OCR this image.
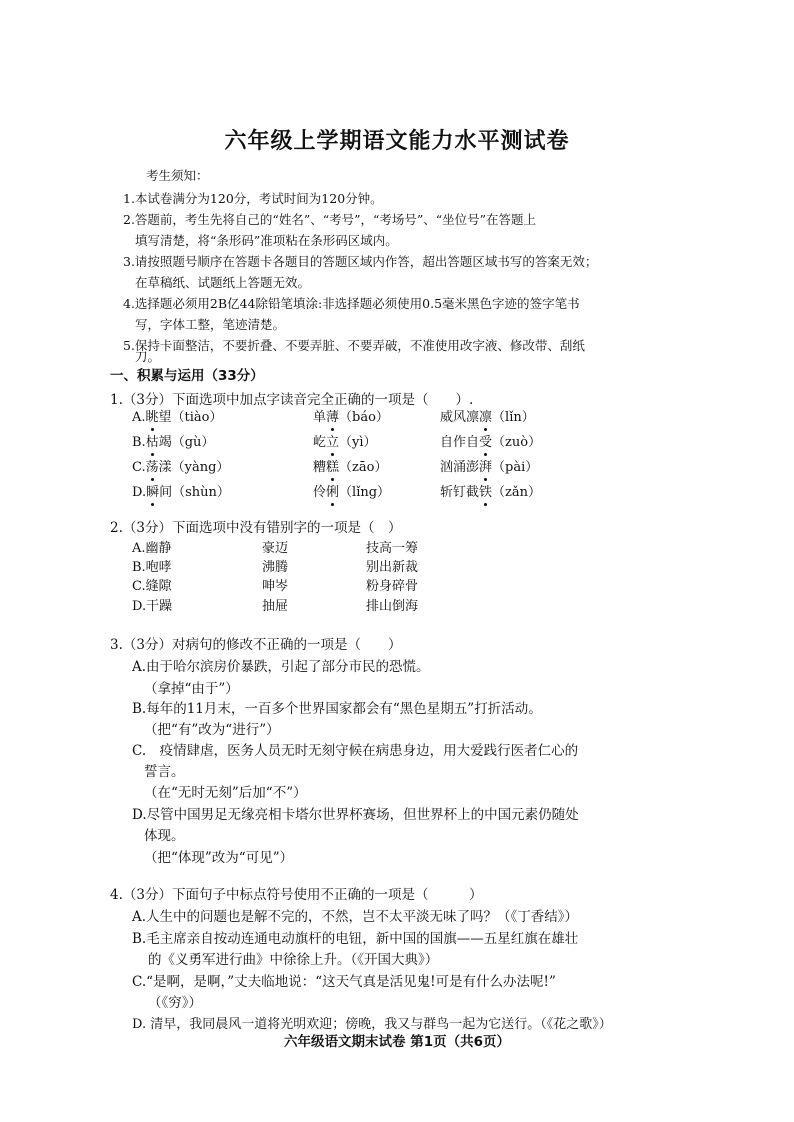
六年级上学期语文能力水平测试卷
考生须知：
1.本试卷满分为120分，考试时间为120分钟。
2.答题前，考生先将自己的“姓名”、“考号”，“考场号”、“坐位号”在答题上
填写清楚，将“条形码”准项粘在条形码区域内。
3.请按照题号顺序在答题卡各题目的答题区域内作答，超出答题区域书写的答案无效；
在草稿纸、试题纸上答题无效。
4.选择题必须用2B亿44除铅笔填涂:非选择题必须使用0.5毫米黑色字迹的签字笔书
写，字体工整，笔迹清楚。
5.保持卡面整洁，不要折叠、不要弄脏、不要弄破，不准使用改字液、修改带、刮纸
刀。
一、积累与运用（33分）
1.（3分）下面选项中加点字读音完全正确的一项是（　　）.
A.眺望（tiào）	单薄（báo）	威风凛凛（lǐn）
B.枯竭（gù）	屹立（yì）	自作自受（zuò）
C.荡漾（yàng）	糟糕（zāo）	汹涌澎湃（pài）
D.瞬间（shùn）	伶俐（lǐng）	斩钉截铁（zǎn）
2.（3分）下面选项中没有错别字的一项是（　）
A.幽静	豪迈	技高一筹
B.咆哮	沸腾	别出新裁
C.缝隙	呻岑	粉身碎骨
D.干躁	抽屉	排山倒海
3.（3分）对病句的修改不正确的一项是（　　）
A.由于哈尔滨房价暴跌，引起了部分市民的恐慌。
（拿掉“由于”）
B.每年的11月末，一百多个世界国家都会有“黑色星期五”打折活动。
（把“有”改为“进行”）
C.　疫情肆虐，医务人员无时无刻守候在病患身边，用大爱践行医者仁心的
誓言。
（在“无时无刻”后加“不”）
D.尽管中国男足无缘亮相卡塔尔世界杯赛场，但世界杯上的中国元素仍随处
体现。
（把“体现”改为“可见”）
4.（3分）下面句子中标点符号使用不正确的一项是（　　　）
A.人生中的问题也是解不完的，不然，岂不太平淡无味了吗？（《丁香结》）
B.毛主席亲自按动连通电动旗杆的电钮，新中国的国旗——五星红旗在雄壮
的《义勇军进行曲》中徐徐上升。（《开国大典》）
C.“是啊，是啊，”丈夫临地说：“这天气真是活见鬼!可是有什么办法呢!”
（《穷》）
D. 清早，我同晨风一道将光明欢迎；傍晚，我又与群鸟一起为它送行。（《花之歌》）
六年级语文期末试卷 第1页（共6页）
